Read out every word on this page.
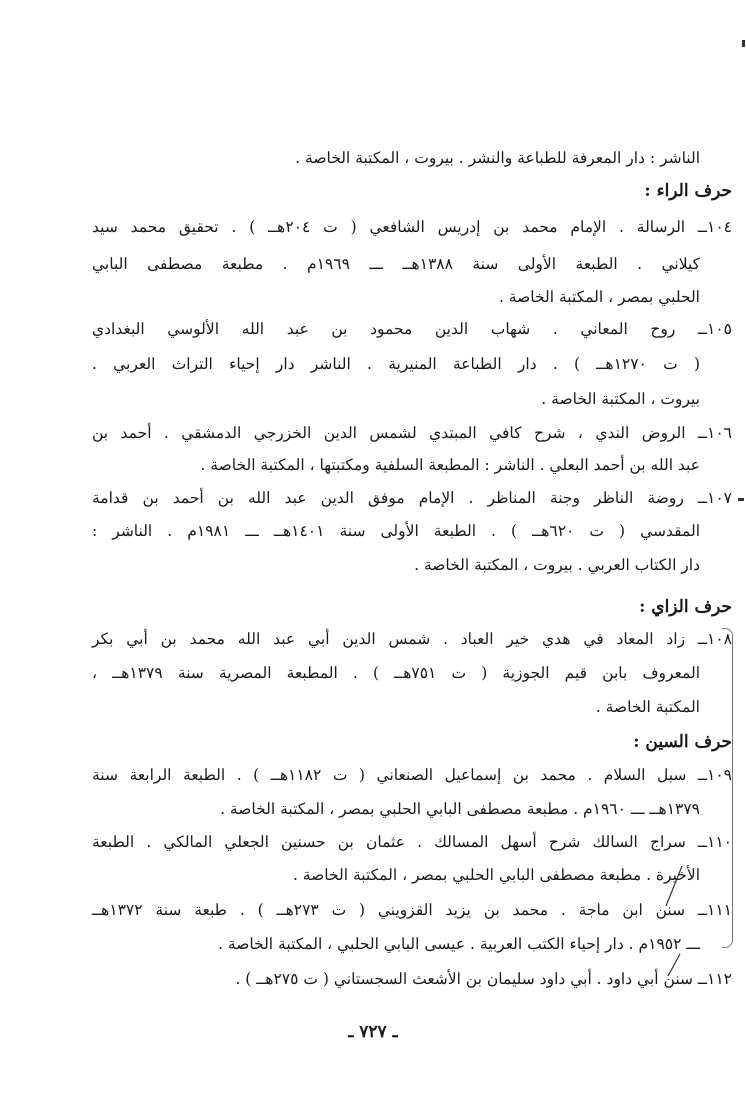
الناشر : دار المعرفة للطباعة والنشر . بيروت ، المكتبة الخاصة .
حرف الراء :
١٠٤ــ الرسالة . الإمام محمد بن إدريس الشافعي ( ت ٢٠٤هــ ) . تحقيق محمد سيد
كيلاني . الطبعة الأولى سنة ١٣٨٨هــ ـــ ١٩٦٩م . مطبعة مصطفى البابي
الحلبي بمصر ، المكتبة الخاصة .
١٠٥ــ روح المعاني . شهاب الدين محمود بن عبد الله الألوسي البغدادي
( ت ١٢٧٠هــ ) . دار الطباعة المنيرية . الناشر دار إحياء التراث العربي .
بيروت ، المكتبة الخاصة .
١٠٦ــ الروض الندي ، شرح كافي المبتدي لشمس الدين الخزرجي الدمشقي . أحمد بن
عبد الله بن أحمد البعلي . الناشر : المطبعة السلفية ومكتبتها ، المكتبة الخاصة .
١٠٧ــ روضة الناظر وجنة المناظر . الإمام موفق الدين عبد الله بن أحمد بن قدامة
المقدسي ( ت ٦٢٠هــ ) . الطبعة الأولى سنة ١٤٠١هــ ـــ ١٩٨١م . الناشر :
دار الكتاب العربي . بيروت ، المكتبة الخاصة .
حرف الزاي :
١٠٨ــ زاد المعاد في هدي خير العباد . شمس الدين أبي عبد الله محمد بن أبي بكر
المعروف بابن قيم الجوزية ( ت ٧٥١هــ ) . المطبعة المصرية سنة ١٣٧٩هــ ،
المكتبة الخاصة .
حرف السين :
١٠٩ــ سبل السلام . محمد بن إسماعيل الصنعاني ( ت ١١٨٢هــ ) . الطبعة الرابعة سنة
١٣٧٩هــ ـــ ١٩٦٠م . مطبعة مصطفى البابي الحلبي بمصر ، المكتبة الخاصة .
١١٠ــ سراج السالك شرح أسهل المسالك . عثمان بن حسنين الجعلي المالكي . الطبعة
الأخيرة . مطبعة مصطفى البابي الحلبي بمصر ، المكتبة الخاصة .
١١١ــ سنن ابن ماجة . محمد بن يزيد القزويني ( ت ٢٧٣هــ ) . طبعة سنة ١٣٧٢هــ
ـــ ١٩٥٢م . دار إحياء الكتب العربية . عيسى البابي الحلبي ، المكتبة الخاصة .
١١٢ــ سنن أبي داود . أبي داود سليمان بن الأشعث السجستاني ( ت ٢٧٥هــ ) .
ـ ٧٢٧ ـ
